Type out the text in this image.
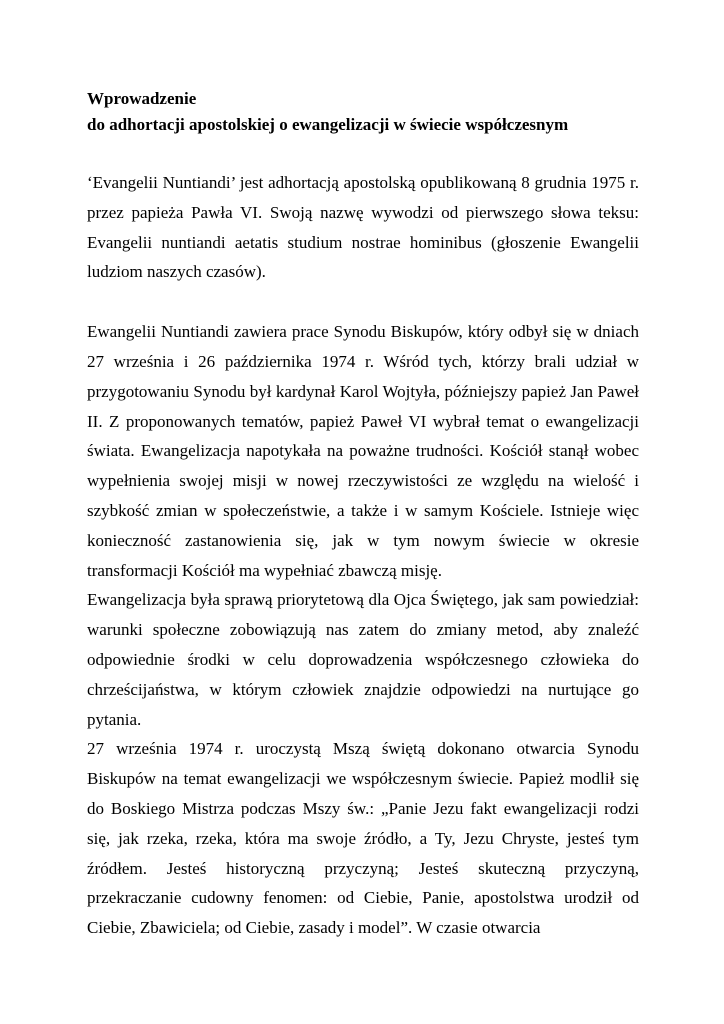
Wprowadzenie

do adhortacji apostolskiej o ewangelizacji w świecie współczesnym

‘Evangelii Nuntiandi’ jest adhortacją apostolską opublikowaną 8 grudnia 1975 r. przez papieża Pawła VI. Swoją nazwę wywodzi od pierwszego słowa teksu: Evangelii nuntiandi aetatis studium nostrae hominibus (głoszenie Ewangelii ludziom naszych czasów).

Ewangelii Nuntiandi zawiera prace Synodu Biskupów, który odbył się w dniach 27 września i 26 października 1974 r. Wśród tych, którzy brali udział w przygotowaniu Synodu był kardynał Karol Wojtyła, późniejszy papież Jan Paweł II. Z proponowanych tematów, papież Paweł VI wybrał temat o ewangelizacji świata. Ewangelizacja napotykała na poważne trudności. Kościół stanął wobec wypełnienia swojej misji w nowej rzeczywistości ze względu na wielość i szybkość zmian w społeczeństwie, a także i w samym Kościele. Istnieje więc konieczność zastanowienia się, jak w tym nowym świecie w okresie transformacji Kościół ma wypełniać zbawczą misję.

Ewangelizacja była sprawą priorytetową dla Ojca Świętego, jak sam powiedział: warunki społeczne zobowiązują nas zatem do zmiany metod, aby znaleźć odpowiednie środki w celu doprowadzenia współczesnego człowieka do chrześcijaństwa, w którym człowiek znajdzie odpowiedzi na nurtujące go pytania.

27 września 1974 r. uroczystą Mszą świętą dokonano otwarcia Synodu Biskupów na temat ewangelizacji we współczesnym świecie. Papież modlił się do Boskiego Mistrza podczas Mszy św.: „Panie Jezu fakt ewangelizacji rodzi się, jak rzeka, rzeka, która ma swoje źródło, a Ty, Jezu Chryste, jesteś tym źródłem. Jesteś historyczną przyczyną; Jesteś skuteczną przyczyną, przekraczanie cudowny fenomen: od Ciebie, Panie, apostolstwa urodził od Ciebie, Zbawiciela; od Ciebie, zasady i model”. W czasie otwarcia
